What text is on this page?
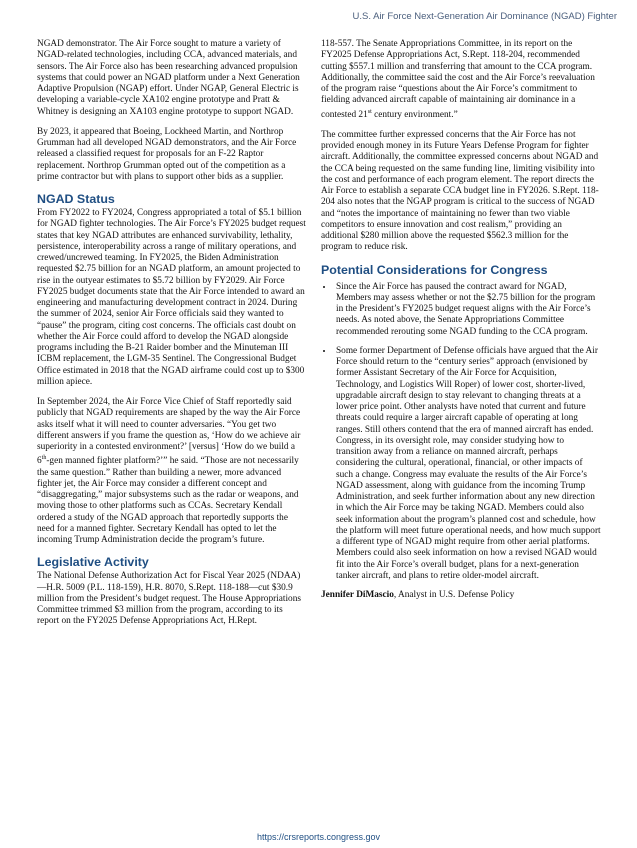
U.S. Air Force Next-Generation Air Dominance (NGAD) Fighter

NGAD demonstrator. The Air Force sought to mature a variety of NGAD-related technologies, including CCA, advanced materials, and sensors. The Air Force also has been researching advanced propulsion systems that could power an NGAD platform under a Next Generation Adaptive Propulsion (NGAP) effort. Under NGAP, General Electric is developing a variable-cycle XA102 engine prototype and Pratt & Whitney is designing an XA103 engine prototype to support NGAD.

By 2023, it appeared that Boeing, Lockheed Martin, and Northrop Grumman had all developed NGAD demonstrators, and the Air Force released a classified request for proposals for an F-22 Raptor replacement. Northrop Grumman opted out of the competition as a prime contractor but with plans to support other bids as a supplier.

NGAD Status

From FY2022 to FY2024, Congress appropriated a total of $5.1 billion for NGAD fighter technologies. The Air Force’s FY2025 budget request states that key NGAD attributes are enhanced survivability, lethality, persistence, interoperability across a range of military operations, and crewed/uncrewed teaming. In FY2025, the Biden Administration requested $2.75 billion for an NGAD platform, an amount projected to rise in the outyear estimates to $5.72 billion by FY2029. Air Force FY2025 budget documents state that the Air Force intended to award an engineering and manufacturing development contract in 2024. During the summer of 2024, senior Air Force officials said they wanted to “pause” the program, citing cost concerns. The officials cast doubt on whether the Air Force could afford to develop the NGAD alongside programs including the B-21 Raider bomber and the Minuteman III ICBM replacement, the LGM-35 Sentinel. The Congressional Budget Office estimated in 2018 that the NGAD airframe could cost up to $300 million apiece.

In September 2024, the Air Force Vice Chief of Staff reportedly said publicly that NGAD requirements are shaped by the way the Air Force asks itself what it will need to counter adversaries. “You get two different answers if you frame the question as, ‘How do we achieve air superiority in a contested environment?’ [versus] ‘How do we build a 6th-gen manned fighter platform?’” he said. “Those are not necessarily the same question.” Rather than building a newer, more advanced fighter jet, the Air Force may consider a different concept and “disaggregating,” major subsystems such as the radar or weapons, and moving those to other platforms such as CCAs. Secretary Kendall ordered a study of the NGAD approach that reportedly supports the need for a manned fighter. Secretary Kendall has opted to let the incoming Trump Administration decide the program’s future.

Legislative Activity

The National Defense Authorization Act for Fiscal Year 2025 (NDAA)—H.R. 5009 (P.L. 118-159), H.R. 8070, S.Rept. 118-188—cut $30.9 million from the President’s budget request. The House Appropriations Committee trimmed $3 million from the program, according to its report on the FY2025 Defense Appropriations Act, H.Rept.

118-557. The Senate Appropriations Committee, in its report on the FY2025 Defense Appropriations Act, S.Rept. 118-204, recommended cutting $557.1 million and transferring that amount to the CCA program. Additionally, the committee said the cost and the Air Force’s reevaluation of the program raise “questions about the Air Force’s commitment to fielding advanced aircraft capable of maintaining air dominance in a contested 21st century environment.”

The committee further expressed concerns that the Air Force has not provided enough money in its Future Years Defense Program for fighter aircraft. Additionally, the committee expressed concerns about NGAD and the CCA being requested on the same funding line, limiting visibility into the cost and performance of each program element. The report directs the Air Force to establish a separate CCA budget line in FY2026. S.Rept. 118-204 also notes that the NGAP program is critical to the success of NGAD and “notes the importance of maintaining no fewer than two viable competitors to ensure innovation and cost realism,” providing an additional $280 million above the requested $562.3 million for the program to reduce risk.

Potential Considerations for Congress
• Since the Air Force has paused the contract award for NGAD, Members may assess whether or not the $2.75 billion for the program in the President’s FY2025 budget request aligns with the Air Force’s needs. As noted above, the Senate Appropriations Committee recommended rerouting some NGAD funding to the CCA program.
• Some former Department of Defense officials have argued that the Air Force should return to the “century series” approach (envisioned by former Assistant Secretary of the Air Force for Acquisition, Technology, and Logistics Will Roper) of lower cost, shorter-lived, upgradable aircraft design to stay relevant to changing threats at a lower price point. Other analysts have noted that current and future threats could require a larger aircraft capable of operating at long ranges. Still others contend that the era of manned aircraft has ended. Congress, in its oversight role, may consider studying how to transition away from a reliance on manned aircraft, perhaps considering the cultural, operational, financial, or other impacts of such a change. Congress may evaluate the results of the Air Force’s NGAD assessment, along with guidance from the incoming Trump Administration, and seek further information about any new direction in which the Air Force may be taking NGAD. Members could also seek information about the program’s planned cost and schedule, how the platform will meet future operational needs, and how much support a different type of NGAD might require from other aerial platforms. Members could also seek information on how a revised NGAD would fit into the Air Force’s overall budget, plans for a next-generation tanker aircraft, and plans to retire older-model aircraft.
Jennifer DiMascio, Analyst in U.S. Defense Policy
https://crsreports.congress.gov
